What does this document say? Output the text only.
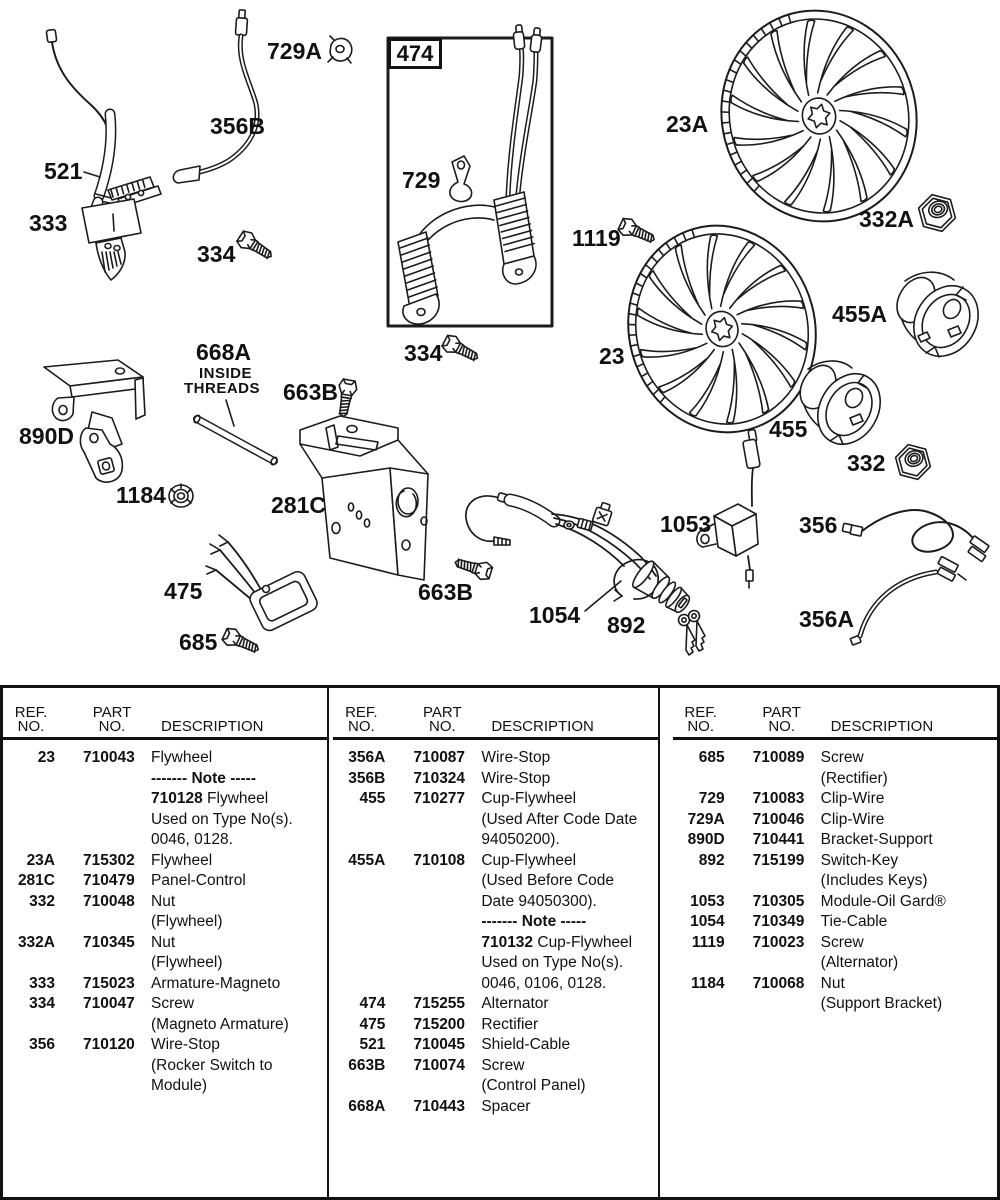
729A
356B
521
333
334
729
1119
334
23A
332A
455A
23
455
332
668A
INSIDE
THREADS 663B
890D
1184	281C
1053	356
475	663B
685
1054 892	356A
474
REF.
NO.
PART
NO.	DESCRIPTION
23 710043	Flywheel
------- Note -----
710128 Flywheel
Used on Type No(s).
0046, 0128.
23A 715302	Flywheel
281C 710479	Panel-Control
332 710048	Nut
(Flywheel)
332A 710345	Nut
(Flywheel)
333 715023	Armature-Magneto
334 710047	Screw
(Magneto Armature)
356 710120	Wire-Stop
(Rocker Switch to
Module)
REF.
NO.
PART
NO.	DESCRIPTION
356A 710087	Wire-Stop
356B 710324	Wire-Stop
455 710277	Cup-Flywheel
(Used After Code Date
94050200).
455A 710108	Cup-Flywheel
(Used Before Code
Date 94050300).
------- Note -----
710132 Cup-Flywheel
Used on Type No(s).
0046, 0106, 0128.
474 715255	Alternator
475 715200	Rectifier
521 710045	Shield-Cable
663B 710074	Screw
(Control Panel)
668A 710443	Spacer
REF.
NO.
PART
NO.	DESCRIPTION
685 710089	Screw
(Rectifier)
729 710083	Clip-Wire
729A 710046	Clip-Wire
890D 710441	Bracket-Support
892 715199	Switch-Key
(Includes Keys)
1053 710305	Module-Oil Gard®
1054 710349	Tie-Cable
1119 710023	Screw
(Alternator)
1184 710068	Nut
(Support Bracket)
